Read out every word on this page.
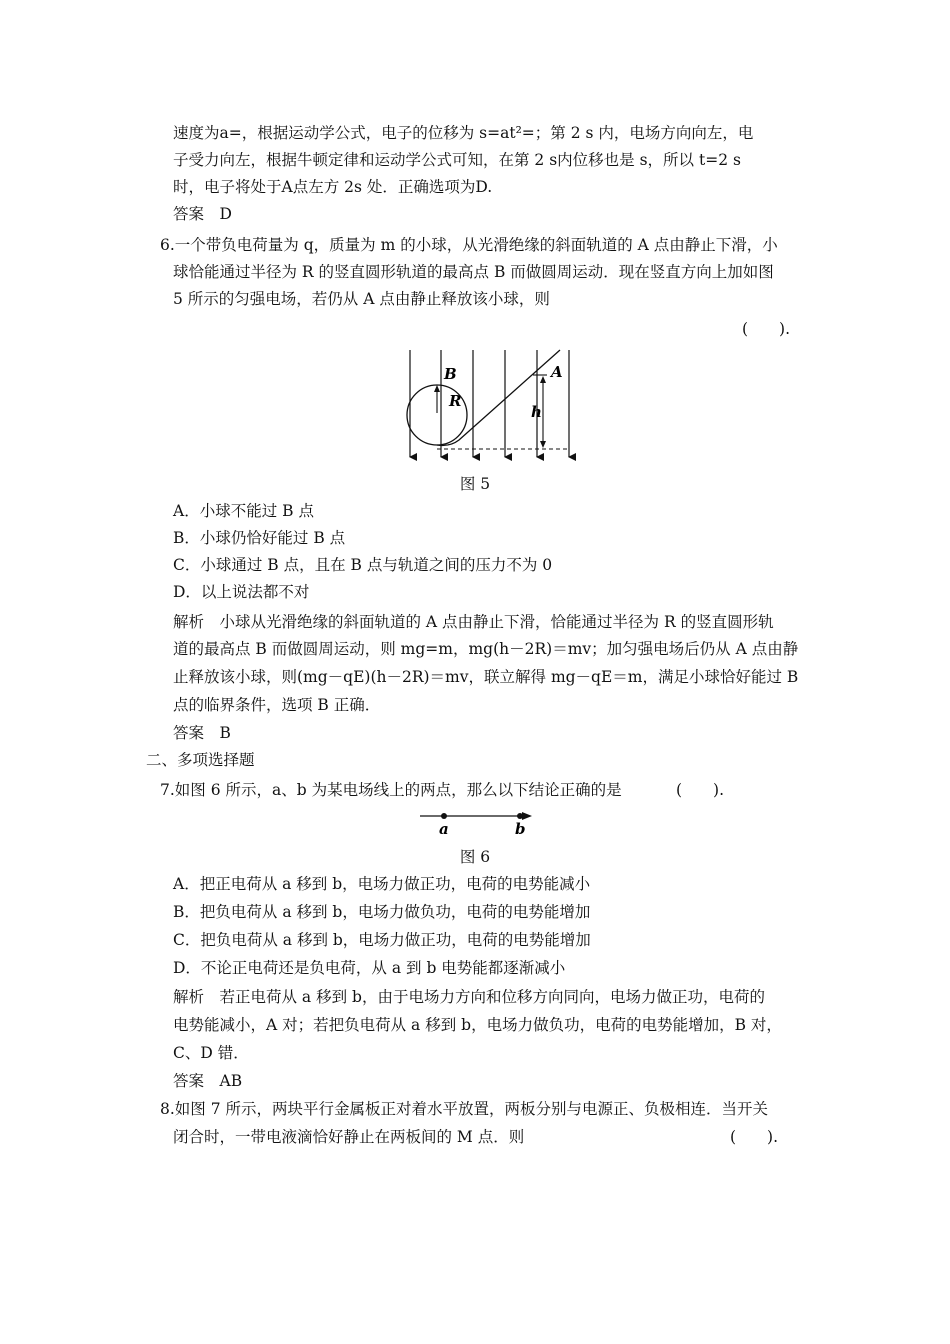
速度为a=，根据运动学公式，电子的位移为 s=at²=；第 2 s 内，电场方向向左，电
子受力向左，根据牛顿定律和运动学公式可知，在第 2 s内位移也是 s，所以 t=2 s
时，电子将处于A点左方 2s 处．正确选项为D.
答案　D
6.一个带负电荷量为 q，质量为 m 的小球，从光滑绝缘的斜面轨道的 A 点由静止下滑，小
球恰能通过半径为 R 的竖直圆形轨道的最高点 B 而做圆周运动．现在竖直方向上加如图
5 所示的匀强电场，若仍从 A 点由静止释放该小球，则
(　　).
B
R
A
h
图 5
A．小球不能过 B 点
B．小球仍恰好能过 B 点
C．小球通过 B 点，且在 B 点与轨道之间的压力不为 0
D．以上说法都不对
解析　小球从光滑绝缘的斜面轨道的 A 点由静止下滑，恰能通过半径为 R 的竖直圆形轨
道的最高点 B 而做圆周运动，则 mg=m，mg(h－2R)＝mv；加匀强电场后仍从 A 点由静
止释放该小球，则(mg－qE)(h－2R)＝mv，联立解得 mg－qE＝m，满足小球恰好能过 B
点的临界条件，选项 B 正确．
答案　B
二、多项选择题
7.如图 6 所示，a、b 为某电场线上的两点，那么以下结论正确的是	(　　).
a	b
图 6
A．把正电荷从 a 移到 b，电场力做正功，电荷的电势能减小
B．把负电荷从 a 移到 b，电场力做负功，电荷的电势能增加
C．把负电荷从 a 移到 b，电场力做正功，电荷的电势能增加
D．不论正电荷还是负电荷，从 a 到 b 电势能都逐渐减小
解析　若正电荷从 a 移到 b，由于电场力方向和位移方向同向，电场力做正功，电荷的
电势能减小，A 对；若把负电荷从 a 移到 b，电场力做负功，电荷的电势能增加，B 对，
C、D 错．
答案　AB
8.如图 7 所示，两块平行金属板正对着水平放置，两板分别与电源正、负极相连．当开关
闭合时，一带电液滴恰好静止在两板间的 M 点．则	(　　).
